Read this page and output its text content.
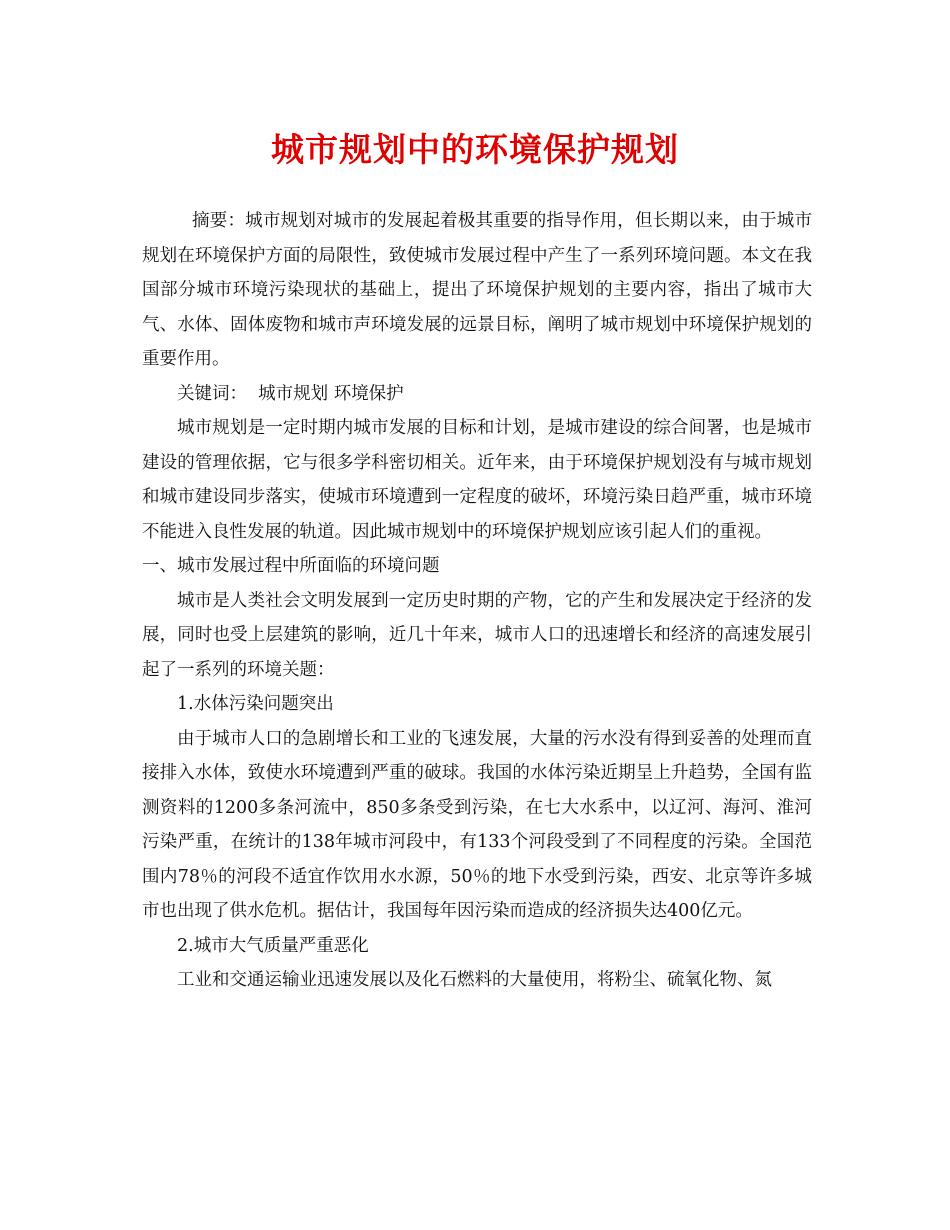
城市规划中的环境保护规划

摘要：城市规划对城市的发展起着极其重要的指导作用，但长期以来，由于城市规划在环境保护方面的局限性，致使城市发展过程中产生了一系列环境问题。本文在我国部分城市环境污染现状的基础上，提出了环境保护规划的主要内容，指出了城市大气、水体、固体废物和城市声环境发展的远景目标，阐明了城市规划中环境保护规划的重要作用。

关键词：  城市规划 环境保护

城市规划是一定时期内城市发展的目标和计划，是城市建设的综合间署，也是城市建设的管理依据，它与很多学科密切相关。近年来，由于环境保护规划没有与城市规划和城市建设同步落实，使城市环境遭到一定程度的破坏，环境污染日趋严重，城市环境不能进入良性发展的轨道。因此城市规划中的环境保护规划应该引起人们的重视。

一、城市发展过程中所面临的环境问题

城市是人类社会文明发展到一定历史时期的产物，它的产生和发展决定于经济的发展，同时也受上层建筑的影响，近几十年来，城市人口的迅速增长和经济的高速发展引起了一系列的环境关题：

1.水体污染问题突出

由于城市人口的急剧增长和工业的飞速发展，大量的污水没有得到妥善的处理而直接排入水体，致使水环境遭到严重的破球。我国的水体污染近期呈上升趋势，全国有监测资料的1200多条河流中，850多条受到污染，在七大水系中，以辽河、海河、淮河污染严重，在统计的138年城市河段中，有133个河段受到了不同程度的污染。全国范围内78％的河段不适宜作饮用水水源，50％的地下水受到污染，西安、北京等许多城市也出现了供水危机。据估计，我国每年因污染而造成的经济损失达400亿元。

2.城市大气质量严重恶化

工业和交通运输业迅速发展以及化石燃料的大量使用，将粉尘、硫氧化物、氮
